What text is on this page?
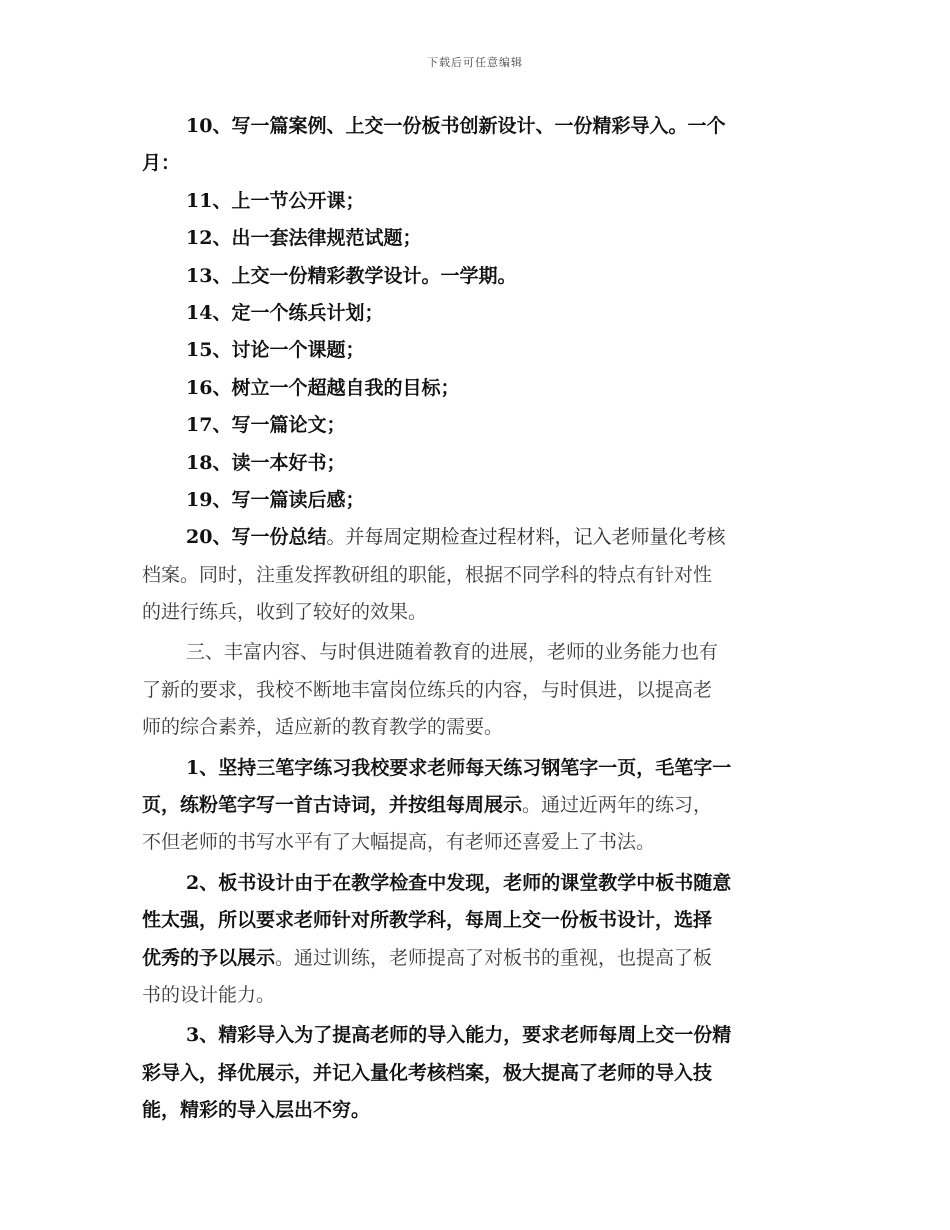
下载后可任意编辑
10、写一篇案例、上交一份板书创新设计、一份精彩导入。一个
月：
11、上一节公开课；
12、出一套法律规范试题；
13、上交一份精彩教学设计。一学期。
14、定一个练兵计划；
15、讨论一个课题；
16、树立一个超越自我的目标；
17、写一篇论文；
18、读一本好书；
19、写一篇读后感；
20、写一份总结。并每周定期检查过程材料，记入老师量化考核
档案。同时，注重发挥教研组的职能，根据不同学科的特点有针对性
的进行练兵，收到了较好的效果。
三、丰富内容、与时俱进随着教育的进展，老师的业务能力也有
了新的要求，我校不断地丰富岗位练兵的内容，与时俱进，以提高老
师的综合素养，适应新的教育教学的需要。
1、坚持三笔字练习我校要求老师每天练习钢笔字一页，毛笔字一
页，练粉笔字写一首古诗词，并按组每周展示。通过近两年的练习，
不但老师的书写水平有了大幅提高，有老师还喜爱上了书法。
2、板书设计由于在教学检查中发现，老师的课堂教学中板书随意
性太强，所以要求老师针对所教学科，每周上交一份板书设计，选择
优秀的予以展示。通过训练，老师提高了对板书的重视，也提高了板
书的设计能力。
3、精彩导入为了提高老师的导入能力，要求老师每周上交一份精
彩导入，择优展示，并记入量化考核档案，极大提高了老师的导入技
能，精彩的导入层出不穷。
